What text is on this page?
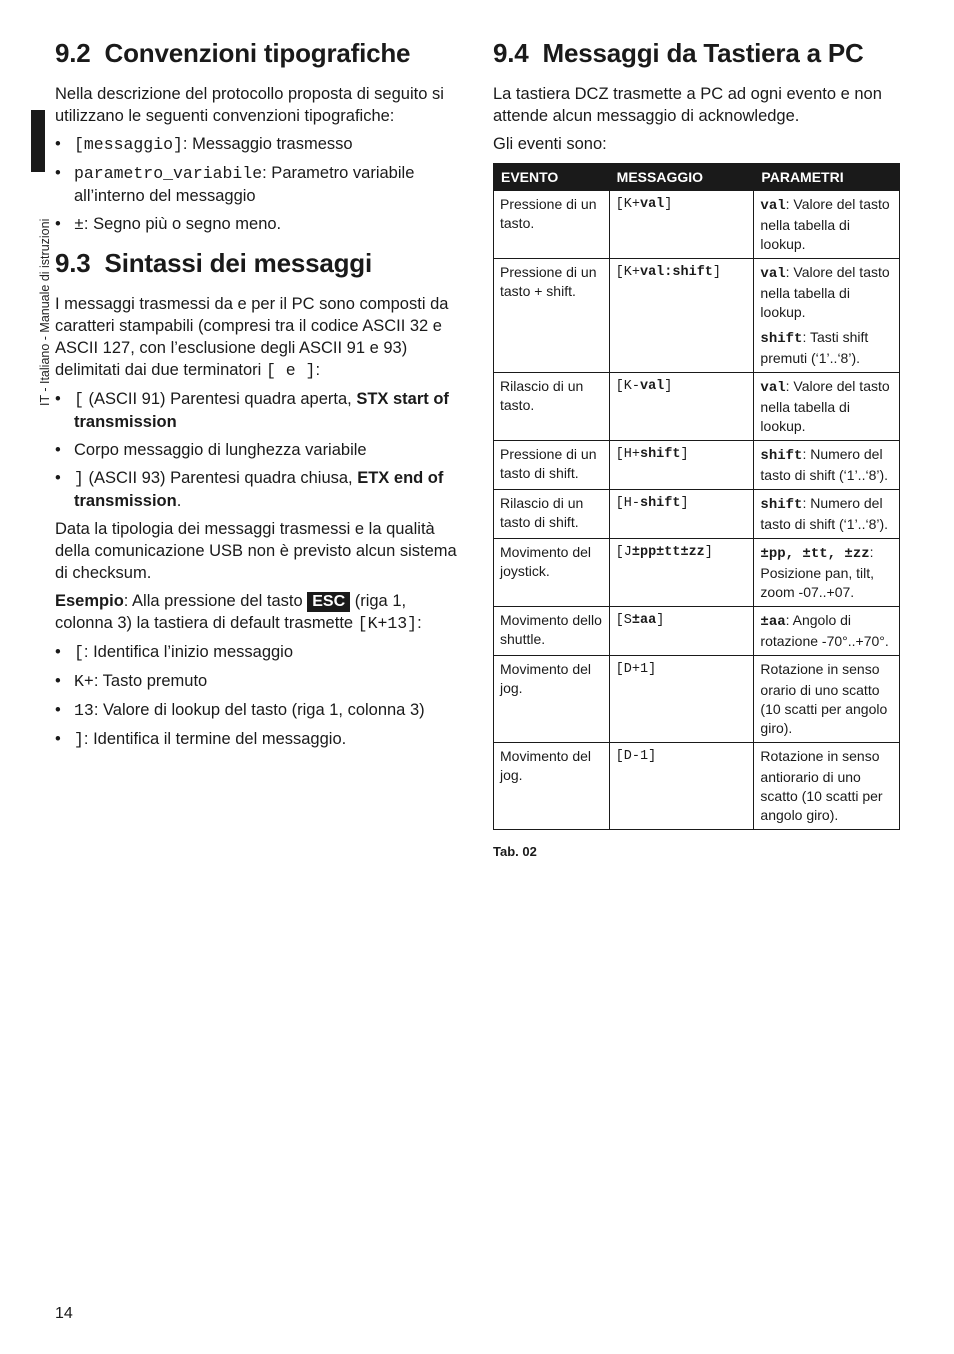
IT - Italiano - Manuale di istruzioni
9.2 Convenzioni tipografiche

Nella descrizione del protocollo proposta di seguito si utilizzano le seguenti convenzioni tipografiche:

• [messaggio]: Messaggio trasmesso
• parametro_variabile: Parametro variabile all’interno del messaggio
• ±: Segno più o segno meno.
9.3 Sintassi dei messaggi

I messaggi trasmessi da e per il PC sono composti da caratteri stampabili (compresi tra il codice ASCII 32 e ASCII 127, con l’esclusione degli ASCII 91 e 93) delimitati dai due terminatori [ e ]:

• [ (ASCII 91) Parentesi quadra aperta, STX start of transmission
• Corpo messaggio di lunghezza variabile
• ] (ASCII 93) Parentesi quadra chiusa, ETX end of transmission.

Data la tipologia dei messaggi trasmessi e la qualità della comunicazione USB non è previsto alcun sistema di checksum.

Esempio: Alla pressione del tasto ESC (riga 1, colonna 3) la tastiera di default trasmette [K+13]:

• [: Identifica l’inizio messaggio
• K+: Tasto premuto
• 13: Valore di lookup del tasto (riga 1, colonna 3)
• ]: Identifica il termine del messaggio.
9.4 Messaggi da Tastiera a PC

La tastiera DCZ trasmette a PC ad ogni evento e non attende alcun messaggio di acknowledge.

Gli eventi sono:

EVENTO	MESSAGGIO	PARAMETRI
Pressione di un tasto.	[K+val]	val: Valore del tasto nella tabella di lookup.

Pressione di un tasto + shift.	[K+val:shift]	val: Valore del tasto nella tabella di lookup.
shift: Tasti shift premuti (‘1’..‘8’).

Rilascio di un tasto.	[K-val]	val: Valore del tasto nella tabella di lookup.

Pressione di un tasto di shift.	[H+shift]	shift: Numero del tasto di shift (‘1’..‘8’).

Rilascio di un tasto di shift.	[H-shift]	shift: Numero del tasto di shift (‘1’..‘8’).

Movimento del joystick.	[J±pp±tt±zz]	±pp, ±tt, ±zz: Posizione pan, tilt, zoom -07..+07.

Movimento dello shuttle.	[S±aa]	±aa: Angolo di rotazione -70°..+70°.

Movimento del jog.	[D+1]	Rotazione in senso orario di uno scatto (10 scatti per angolo giro).

Movimento del jog.	[D-1]	Rotazione in senso antiorario di uno scatto (10 scatti per angolo giro).
Tab. 02
14
